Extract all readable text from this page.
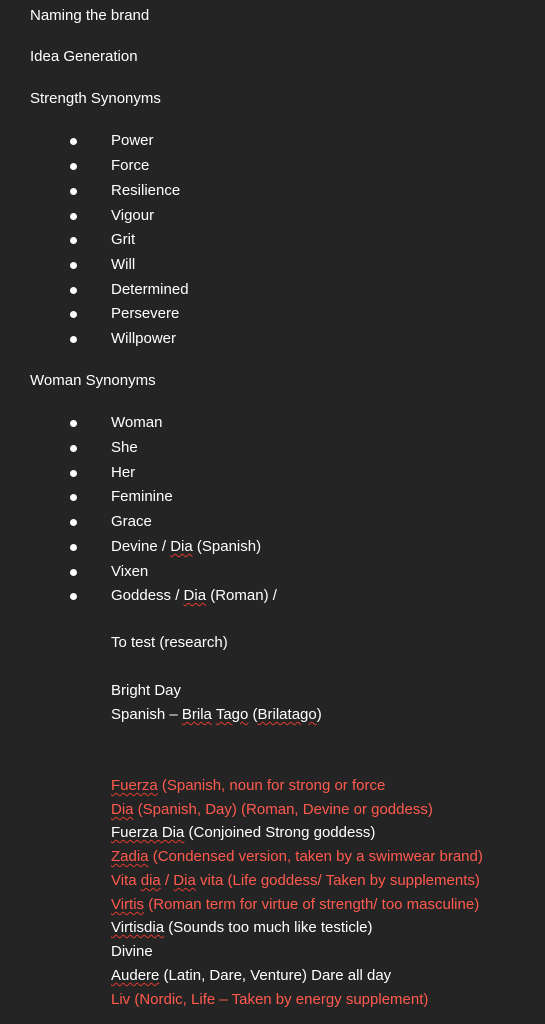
Naming the brand
Idea Generation
Strength Synonyms
Power
Force
Resilience
Vigour
Grit
Will
Determined
Persevere
Willpower
Woman Synonyms
Woman
She
Her
Feminine
Grace
Devine / Dia (Spanish)
Vixen
Goddess / Dia (Roman) /
To test (research)
Bright Day
Spanish – Brila Tago (Brilatago)
Fuerza (Spanish, noun for strong or force
Dia (Spanish, Day) (Roman, Devine or goddess)
Fuerza Dia (Conjoined Strong goddess)
Zadia (Condensed version, taken by a swimwear brand)
Vita dia / Dia vita (Life goddess/ Taken by supplements)
Virtis (Roman term for virtue of strength/ too masculine)
Virtisdia (Sounds too much like testicle)
Divine
Audere (Latin, Dare, Venture) Dare all day
Liv (Nordic, Life – Taken by energy supplement)
